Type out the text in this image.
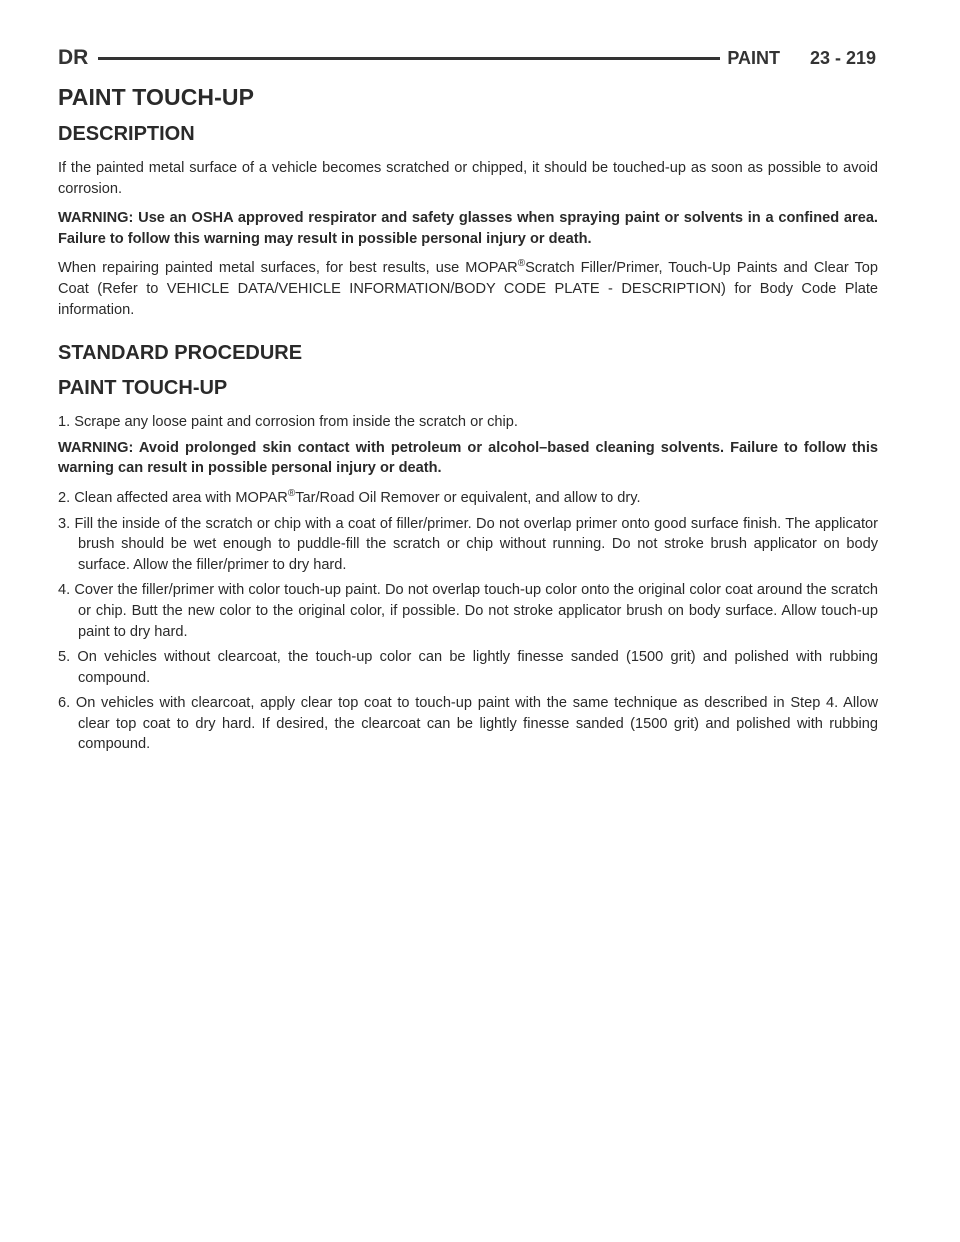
DR	PAINT 23 - 219
PAINT TOUCH-UP
DESCRIPTION

If the painted metal surface of a vehicle becomes scratched or chipped, it should be touched-up as soon as possible to avoid corrosion.

WARNING: Use an OSHA approved respirator and safety glasses when spraying paint or solvents in a confined area. Failure to follow this warning may result in possible personal injury or death.

When repairing painted metal surfaces, for best results, use MOPAR®Scratch Filler/Primer, Touch-Up Paints and Clear Top Coat (Refer to VEHICLE DATA/VEHICLE INFORMATION/BODY CODE PLATE - DESCRIPTION) for Body Code Plate information.

STANDARD PROCEDURE
PAINT TOUCH-UP
1. Scrape any loose paint and corrosion from inside the scratch or chip.

WARNING: Avoid prolonged skin contact with petroleum or alcohol–based cleaning solvents. Failure to follow this warning can result in possible personal injury or death.

2. Clean affected area with MOPAR®Tar/Road Oil Remover or equivalent, and allow to dry.
3. Fill the inside of the scratch or chip with a coat of filler/primer. Do not overlap primer onto good surface finish. The applicator brush should be wet enough to puddle-fill the scratch or chip without running. Do not stroke brush applicator on body surface. Allow the filler/primer to dry hard.
4. Cover the filler/primer with color touch-up paint. Do not overlap touch-up color onto the original color coat around the scratch or chip. Butt the new color to the original color, if possible. Do not stroke applicator brush on body surface. Allow touch-up paint to dry hard.
5. On vehicles without clearcoat, the touch-up color can be lightly finesse sanded (1500 grit) and polished with rubbing compound.
6. On vehicles with clearcoat, apply clear top coat to touch-up paint with the same technique as described in Step 4. Allow clear top coat to dry hard. If desired, the clearcoat can be lightly finesse sanded (1500 grit) and polished with rubbing compound.
